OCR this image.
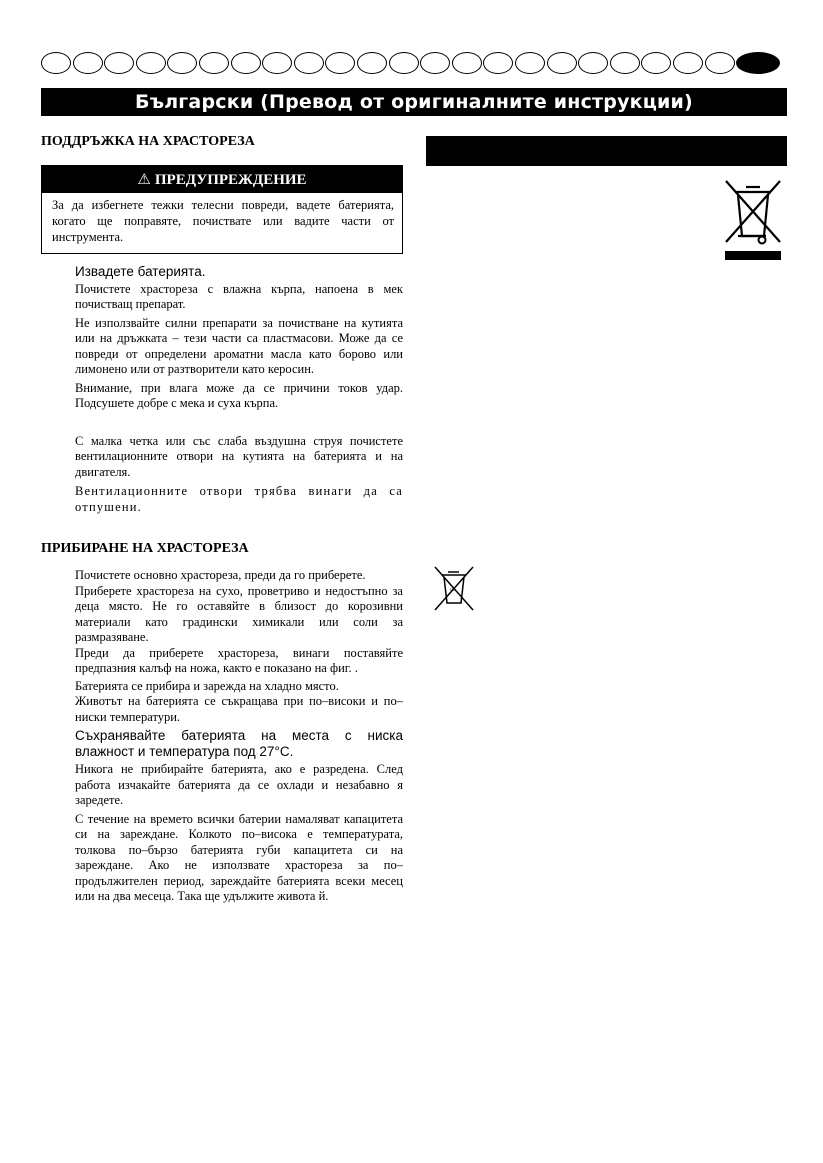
Български (Превод от оригиналните инструкции)
ПОДДРЪЖКА НА ХРАСТОРЕЗА
⚠ ПРЕДУПРЕЖДЕНИЕ
За да избегнете тежки телесни повреди, вадете батерията, когато ще поправяте, почиствате или вадите части от инструмента.

Извадете батерията.

Почистете храстореза с влажна кърпа, напоена в мек почистващ препарат.

Не използвайте силни препарати за почистване на кутията или на дръжката – тези части са пластмасови. Може да се повреди от определени ароматни масла като борово или лимонено или от разтворители като керосин.

Внимание, при влага може да се причини токов удар. Подсушете добре с мека и суха кърпа.

С малка четка или със слаба въздушна струя почистете вентилационните отвори на кутията на батерията и на двигателя.

Вентилационните отвори трябва винаги да са отпушени.

ПРИБИРАНЕ НА ХРАСТОРЕЗА

Почистете основно храстореза, преди да го приберете.

Приберете храстореза на сухо, проветриво и недостъпно за деца място. Не го оставяйте в близост до корозивни материали като градински химикали или соли за размразяване.

Преди да приберете храстореза, винаги поставяйте предпазния калъф на ножа, както е показано на фиг. .

Батерията се прибира и зарежда на хладно място.

Животът на батерията се съкращава при по–високи и по–ниски температури.

Съхранявайте батерията на места с ниска влажност и температура под 27°C.

Никога не прибирайте батерията, ако е разредена. След работа изчакайте батерията да се охлади и незабавно я заредете.

С течение на времето всички батерии намаляват капацитета си на зареждане. Колкото по–висока е температурата, толкова по–бързо батерията губи капацитета си на зареждане. Ако не използвате храстореза за по–продължителен период, зареждайте батерията всеки месец или на два месеца. Така ще удължите живота й.

▭
